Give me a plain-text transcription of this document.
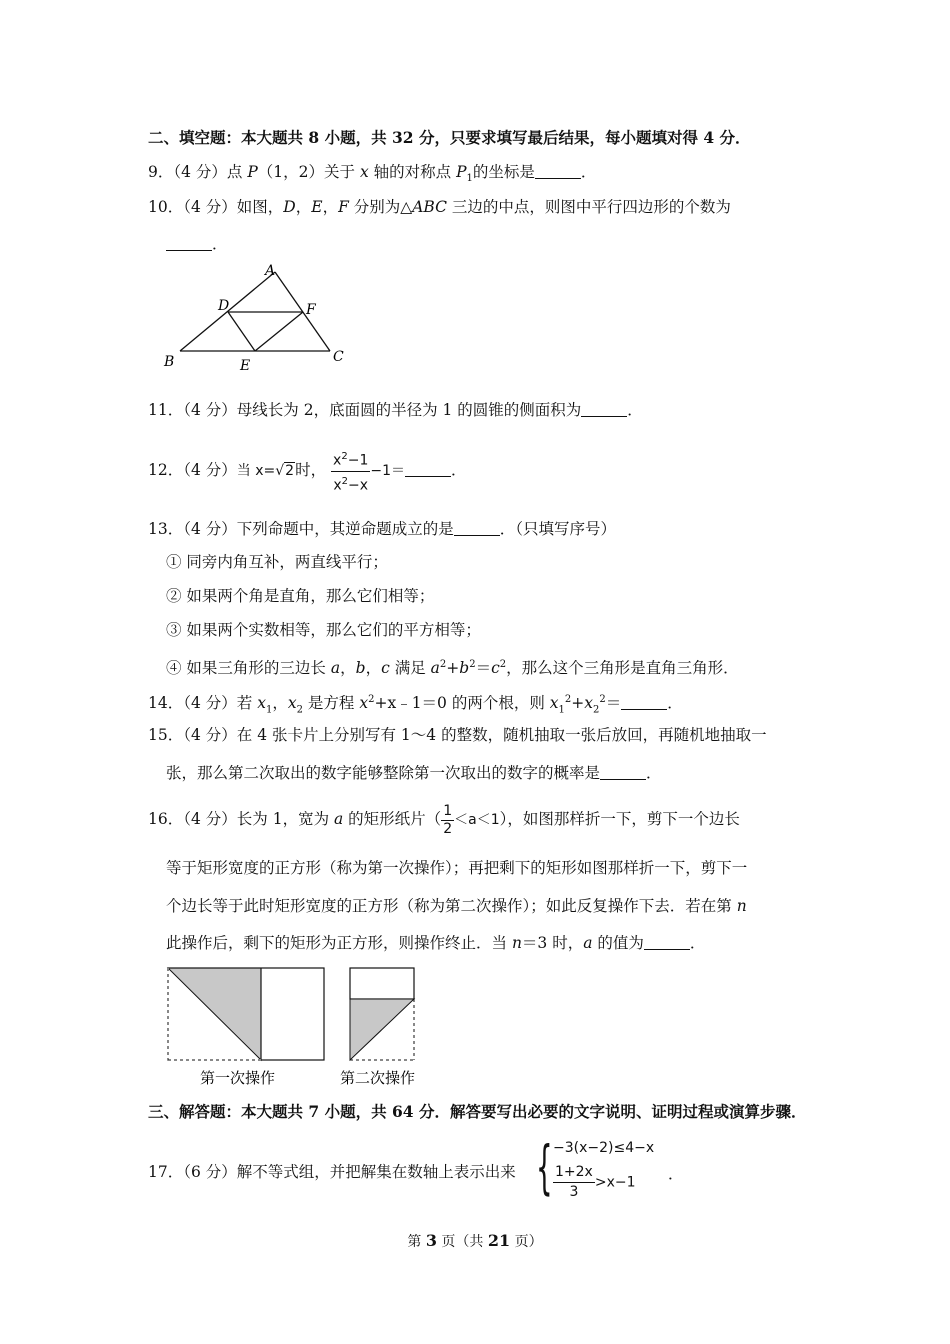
二、填空题：本大题共 8 小题，共 32 分，只要求填写最后结果，每小题填对得 4 分．
9．（4 分）点 P（1，2）关于 x 轴的对称点 $P_1$的坐标是	．
10．（4 分）如图，D，E，F 分别为△ABC 三边的中点，则图中平行四边形的个数为
．
A
B	C
D
E
F
11．（4 分）母线长为 2，底面圆的半径为 1 的圆锥的侧面积为	．
12．（4 分）当 x=√2时， $\frac{x^2-1}{x^2-x} -1=$	．
13．（4 分）下列命题中，其逆命题成立的是	．（只填写序号）
① 同旁内角互补，两直线平行；
② 如果两个角是直角，那么它们相等；
③ 如果两个实数相等，那么它们的平方相等；
④ 如果三角形的三边长 a，b，c 满足 $a^2+b^2=c^2$，那么这个三角形是直角三角形．
14．（4 分）若 $x_1$，$x_2$ 是方程 $x^2+x﹣1=0$ 的两个根，则 $x_1^2+x_2^2=$	．
15．（4 分）在 4 张卡片上分别写有 1～4 的整数，随机抽取一张后放回，再随机地抽取一
张，那么第二次取出的数字能够整除第一次取出的数字的概率是	．
16．（4 分）长为 1，宽为 a 的矩形纸片（ $\frac{1}{2} <a<1$），如图那样折一下，剪下一个边长
等于矩形宽度的正方形（称为第一次操作）；再把剩下的矩形如图那样折一下，剪下一
个边长等于此时矩形宽度的正方形（称为第二次操作）；如此反复操作下去．若在第 n
此操作后，剩下的矩形为正方形，则操作终止．当 n＝3 时，a 的值为	．
第一次操作	第二次操作
三、解答题：本大题共 7 小题，共 64 分．解答要写出必要的文字说明、证明过程或演算步骤．
17．（6 分）解不等式组，并把解集在数轴上表示出来 { −3(x−2)≤4−x
$\frac{1+2x}{3} >x-1$ ．
第 3 页（共 21 页）
